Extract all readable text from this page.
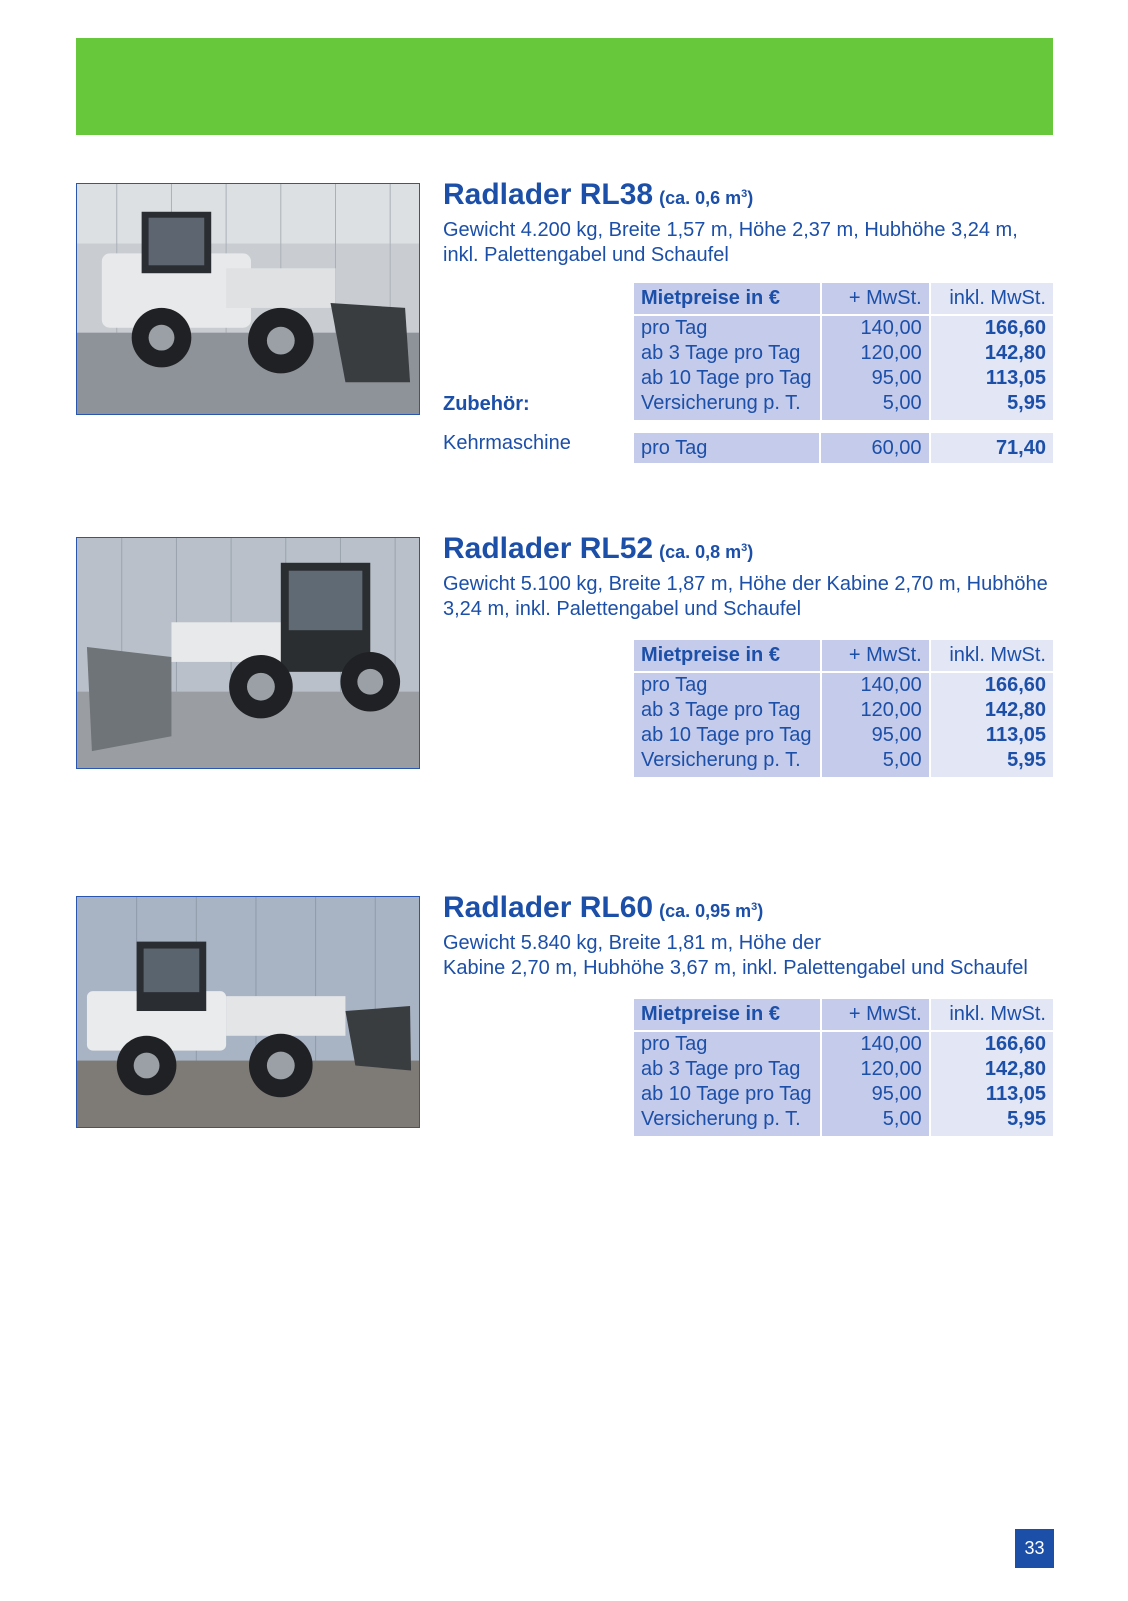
Radlader RL38 (ca. 0,6 $m^3$)
Gewicht 4.200 kg, Breite 1,57 m, Höhe 2,37 m, Hubhöhe 3,24 m, inkl. Palettengabel und Schaufel
Mietpreise in €	+ MwSt.	inkl. MwSt.
pro Tag	140,00	166,60
ab 3 Tage pro Tag	120,00	142,80
ab 10 Tage pro Tag	95,00	113,05
Versicherung p. T.	5,00	5,95
Zubehör:
Kehrmaschine	pro Tag	60,00	71,40
Radlader RL52 (ca. 0,8 $m^3$)
Gewicht 5.100 kg, Breite 1,87 m, Höhe der Kabine 2,70 m, Hubhöhe 3,24 m, inkl. Palettengabel und Schaufel
Mietpreise in €	+ MwSt.	inkl. MwSt.
pro Tag	140,00	166,60
ab 3 Tage pro Tag	120,00	142,80
ab 10 Tage pro Tag	95,00	113,05
Versicherung p. T.	5,00	5,95
Radlader RL60 (ca. 0,95 $m^3$)
Gewicht 5.840 kg, Breite 1,81 m, Höhe der
Kabine 2,70 m, Hubhöhe 3,67 m, inkl. Palettengabel und Schaufel
Mietpreise in €	+ MwSt.	inkl. MwSt.
pro Tag	140,00	166,60
ab 3 Tage pro Tag	120,00	142,80
ab 10 Tage pro Tag	95,00	113,05
Versicherung p. T.	5,00	5,95
33
